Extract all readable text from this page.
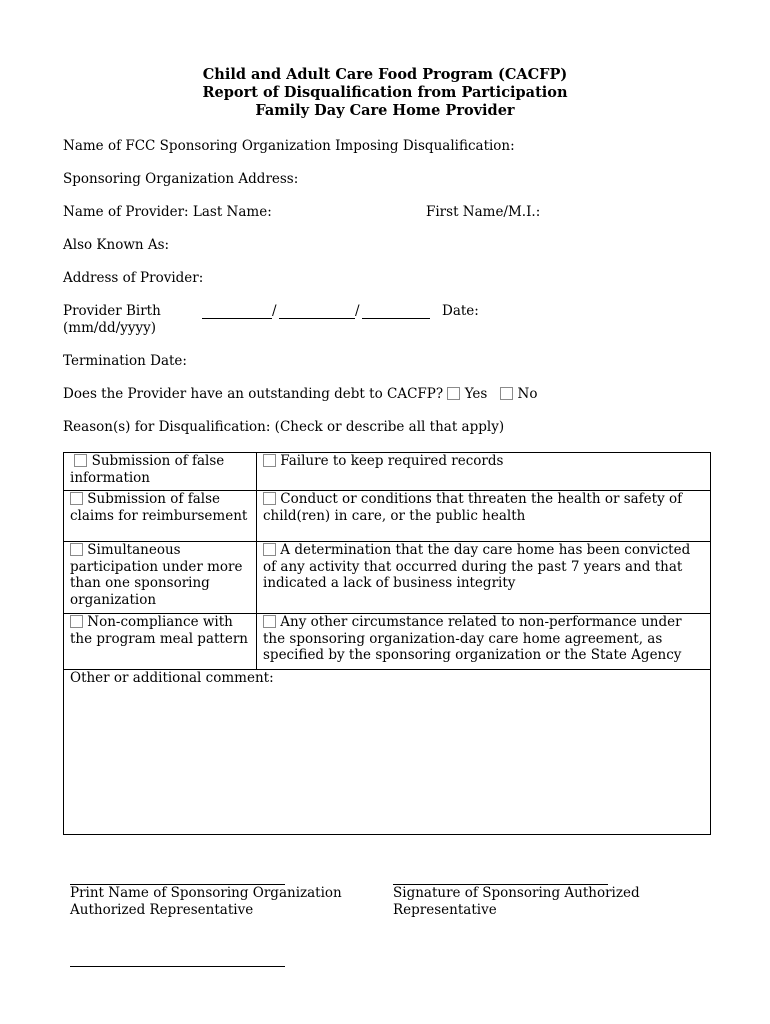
Child and Adult Care Food Program (CACFP)
Report of Disqualification from Participation
Family Day Care Home Provider
Name of FCC Sponsoring Organization Imposing Disqualification:
Sponsoring Organization Address:
Name of Provider: Last Name:	First Name/M.I.:
Also Known As:
Address of Provider:
Provider Birth
(mm/dd/yyyy)
/	/	Date:
Termination Date:
Does the Provider have an outstanding debt to CACFP? Yes No
Reason(s) for Disqualification: (Check or describe all that apply)
Submission of false information	Failure to keep required records
Submission of false claims for reimbursement	Conduct or conditions that threaten the health or safety of child(ren) in care, or the public health
Simultaneous participation under more than one sponsoring organization	A determination that the day care home has been convicted of any activity that occurred during the past 7 years and that indicated a lack of business integrity
Non-compliance with the program meal pattern	Any other circumstance related to non-performance under the sponsoring organization-day care home agreement, as specified by the sponsoring organization or the State Agency
Other or additional comment:	
Print Name of Sponsoring Organization
Authorized Representative
Signature of Sponsoring Authorized
Representative
